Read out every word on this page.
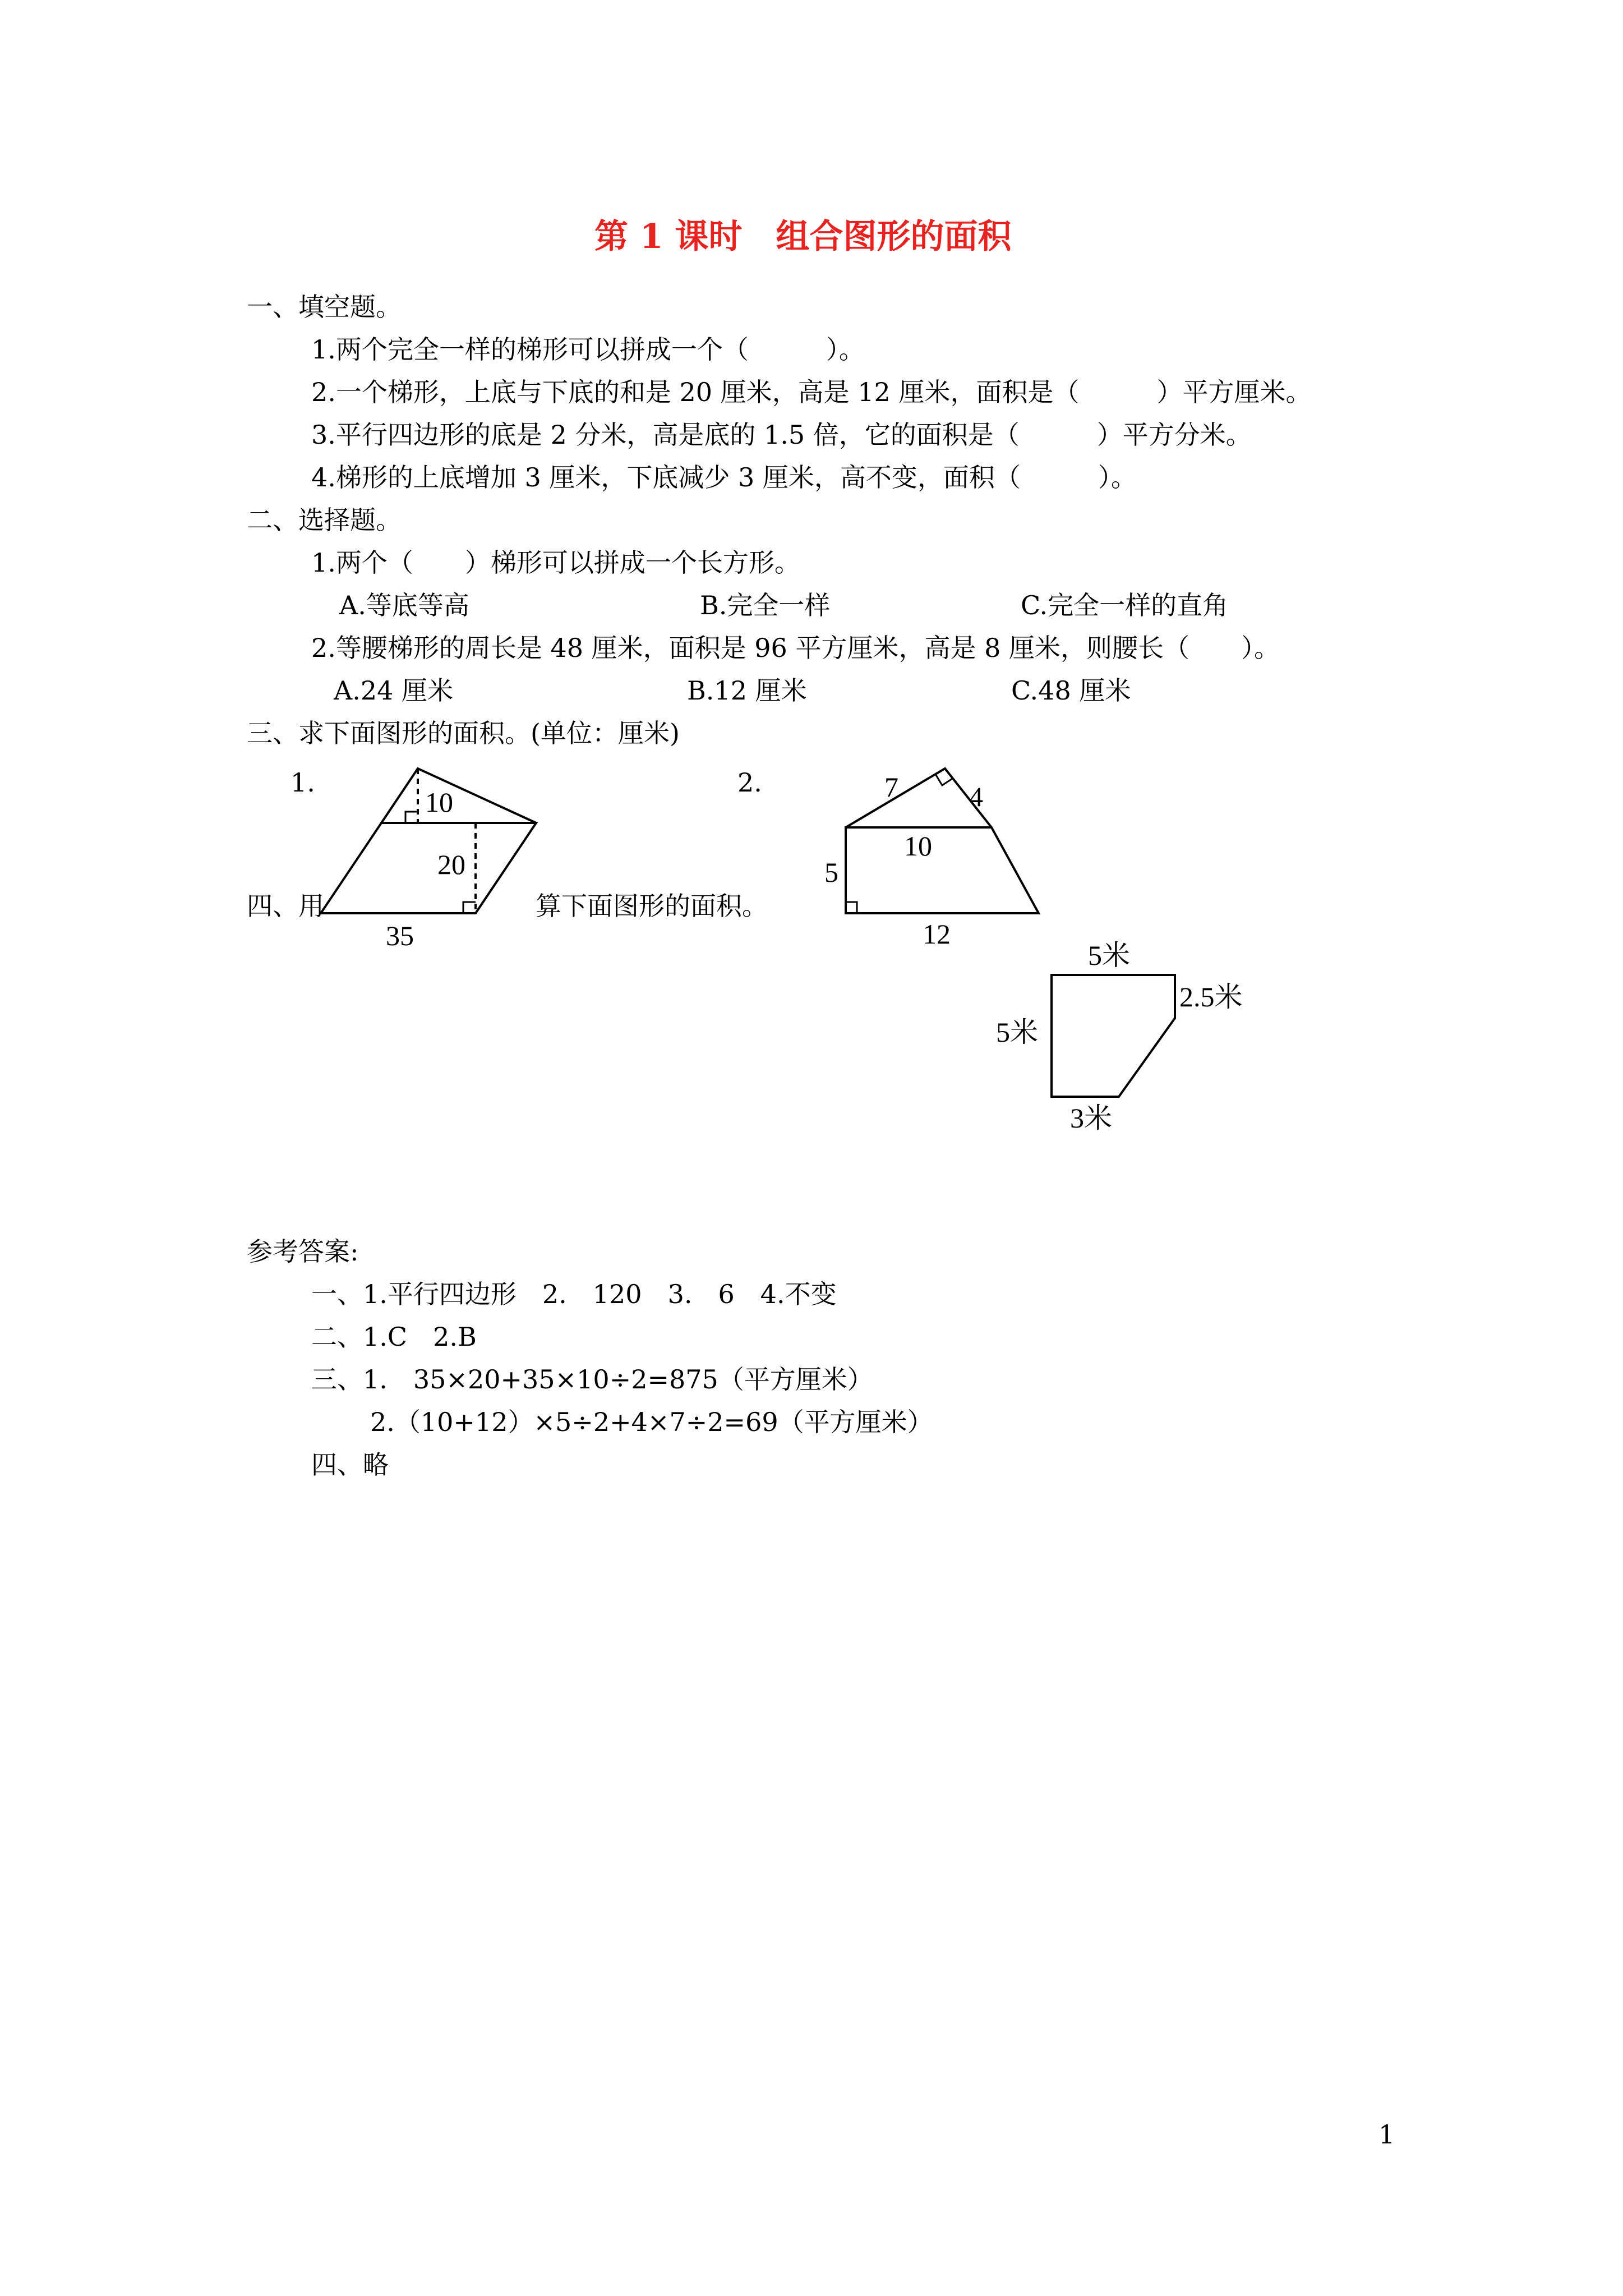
第 1 课时　组合图形的面积
一、填空题。
1.两个完全一样的梯形可以拼成一个（　　　）。
2.一个梯形，上底与下底的和是 20 厘米，高是 12 厘米，面积是（　　　）平方厘米。
3.平行四边形的底是 2 分米，高是底的 1.5 倍，它的面积是（　　　）平方分米。
4.梯形的上底增加 3 厘米，下底减少 3 厘米，高不变，面积（　　　）。
二、选择题。
1.两个（　　）梯形可以拼成一个长方形。
A.等底等高	B.完全一样	C.完全一样的直角
2.等腰梯形的周长是 48 厘米，面积是 96 平方厘米，高是 8 厘米，则腰长（　　）。
A.24 厘米	B.12 厘米	C.48 厘米
三、求下面图形的面积。(单位：厘米)
1.	2.
10
20
35
7	4
10
5
12
四、用	算下面图形的面积。
5米
2.5米
5米
3米
参考答案:
一、1.平行四边形　2.　120　3.　6　4.不变
二、1.C　2.B
三、1.　35×20+35×10÷2=875（平方厘米）
2.（10+12）×5÷2+4×7÷2=69（平方厘米）
四、略
1
